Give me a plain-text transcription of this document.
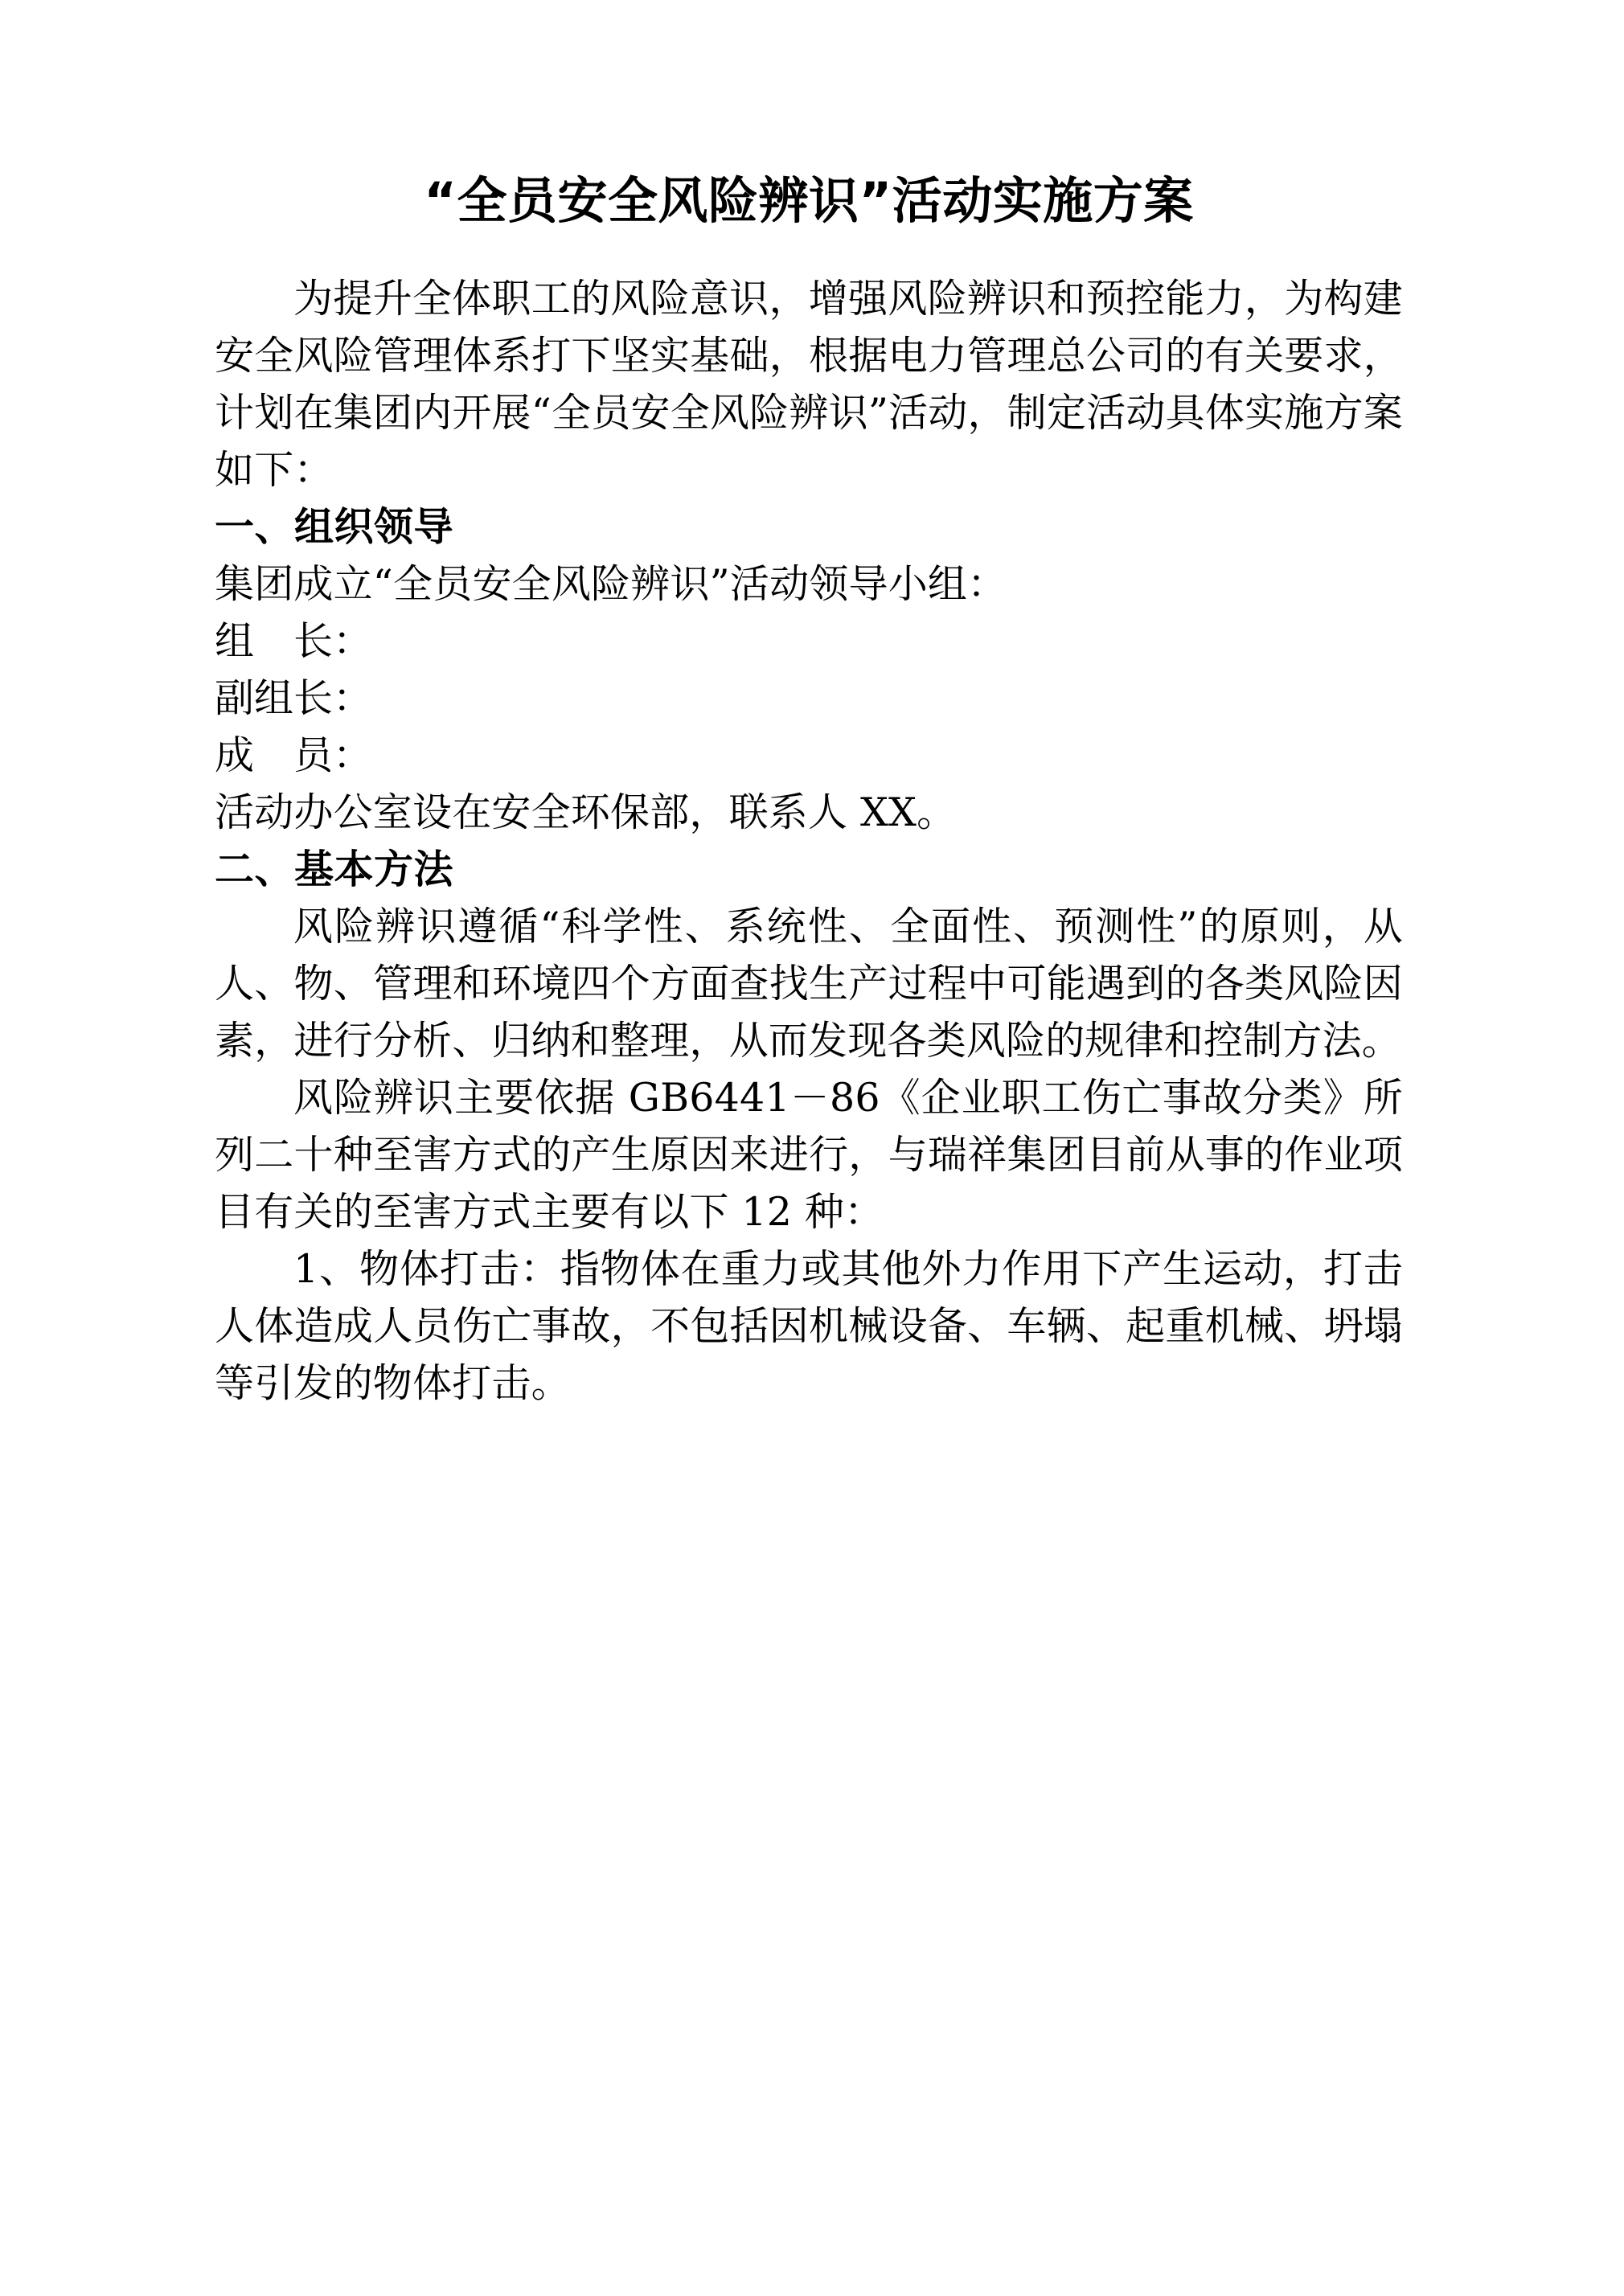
“全员安全风险辨识”活动实施方案

为提升全体职工的风险意识，增强风险辨识和预控能力，为构建安全风险管理体系打下坚实基础，根据电力管理总公司的有关要求，计划在集团内开展“全员安全风险辨识”活动，制定活动具体实施方案如下：

一、组织领导

集团成立“全员安全风险辨识”活动领导小组：

组　长：

副组长：

成　员：

活动办公室设在安全环保部，联系人 XX。

二、基本方法

风险辨识遵循“科学性、系统性、全面性、预测性”的原则，从人、物、管理和环境四个方面查找生产过程中可能遇到的各类风险因素，进行分析、归纳和整理，从而发现各类风险的规律和控制方法。

风险辨识主要依据 GB6441－86《企业职工伤亡事故分类》所列二十种至害方式的产生原因来进行，与瑞祥集团目前从事的作业项目有关的至害方式主要有以下 12 种：

1、物体打击：指物体在重力或其他外力作用下产生运动，打击人体造成人员伤亡事故，不包括因机械设备、车辆、起重机械、坍塌等引发的物体打击。
